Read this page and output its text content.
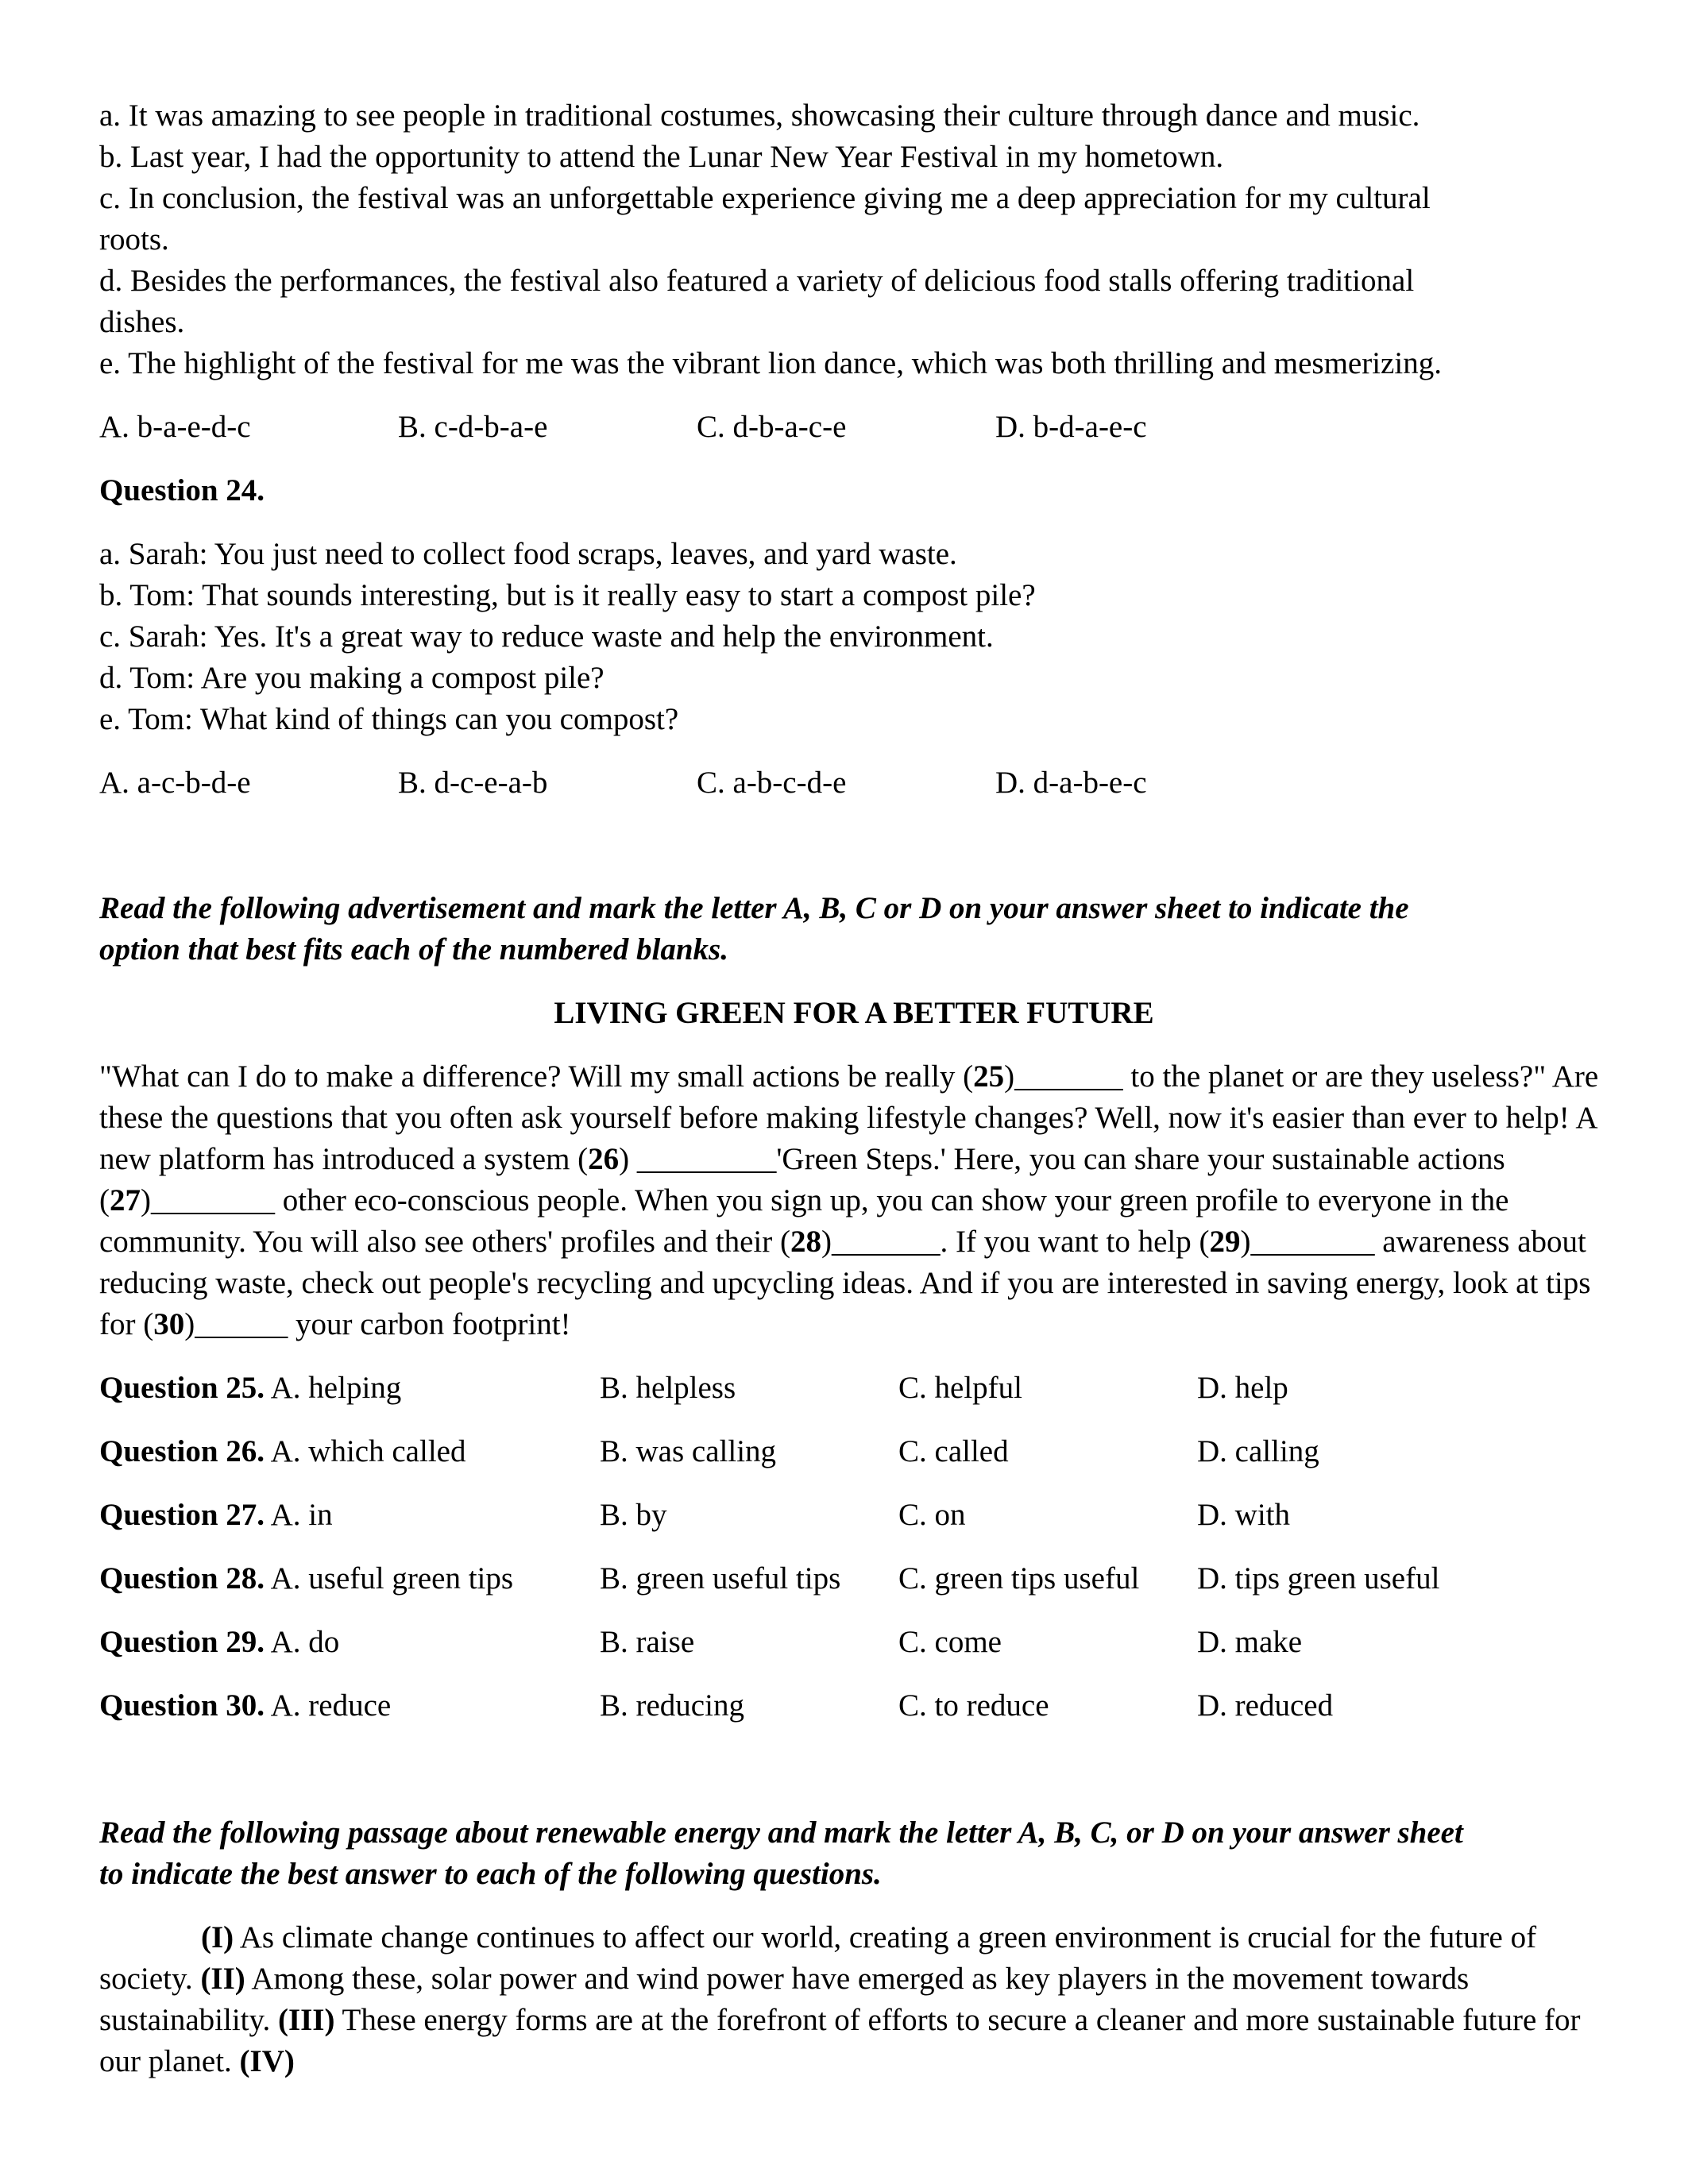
a. It was amazing to see people in traditional costumes, showcasing their culture through dance and music.
b. Last year, I had the opportunity to attend the Lunar New Year Festival in my hometown.
c. In conclusion, the festival was an unforgettable experience giving me a deep appreciation for my cultural
roots.
d. Besides the performances, the festival also featured a variety of delicious food stalls offering traditional
dishes.
e. The highlight of the festival for me was the vibrant lion dance, which was both thrilling and mesmerizing.
A. b-a-e-d-c	B. c-d-b-a-e	C. d-b-a-c-e	D. b-d-a-e-c
Question 24.
a. Sarah: You just need to collect food scraps, leaves, and yard waste.
b. Tom: That sounds interesting, but is it really easy to start a compost pile?
c. Sarah: Yes. It's a great way to reduce waste and help the environment.
d. Tom: Are you making a compost pile?
e. Tom: What kind of things can you compost?
A. a-c-b-d-e	B. d-c-e-a-b	C. a-b-c-d-e	D. d-a-b-e-c
Read the following advertisement and mark the letter A, B, C or D on your answer sheet to indicate the
option that best fits each of the numbered blanks.
LIVING GREEN FOR A BETTER FUTURE
"What can I do to make a difference? Will my small actions be really (25)_______ to the planet or are they useless?" Are these the questions that you often ask yourself before making lifestyle changes? Well, now it's easier than ever to help! A new platform has introduced a system (26) _________'Green Steps.' Here, you can share your sustainable actions (27)________ other eco-conscious people. When you sign up, you can show your green profile to everyone in the community. You will also see others' profiles and their (28)_______. If you want to help (29)________ awareness about reducing waste, check out people's recycling and upcycling ideas. And if you are interested in saving energy, look at tips for (30)______ your carbon footprint!
Question 25. A. helping	B. helpless	C. helpful	D. help
Question 26. A. which called	B. was calling	C. called	D. calling
Question 27. A. in	B. by	C. on	D. with
Question 28. A. useful green tips	B. green useful tips	C. green tips useful	D. tips green useful
Question 29. A. do	B. raise	C. come	D. make
Question 30. A. reduce	B. reducing	C. to reduce	D. reduced
Read the following passage about renewable energy and mark the letter A, B, C, or D on your answer sheet
to indicate the best answer to each of the following questions.
(I) As climate change continues to affect our world, creating a green environment is crucial for the future of society. (II) Among these, solar power and wind power have emerged as key players in the movement towards sustainability. (III) These energy forms are at the forefront of efforts to secure a cleaner and more sustainable future for our planet. (IV)
